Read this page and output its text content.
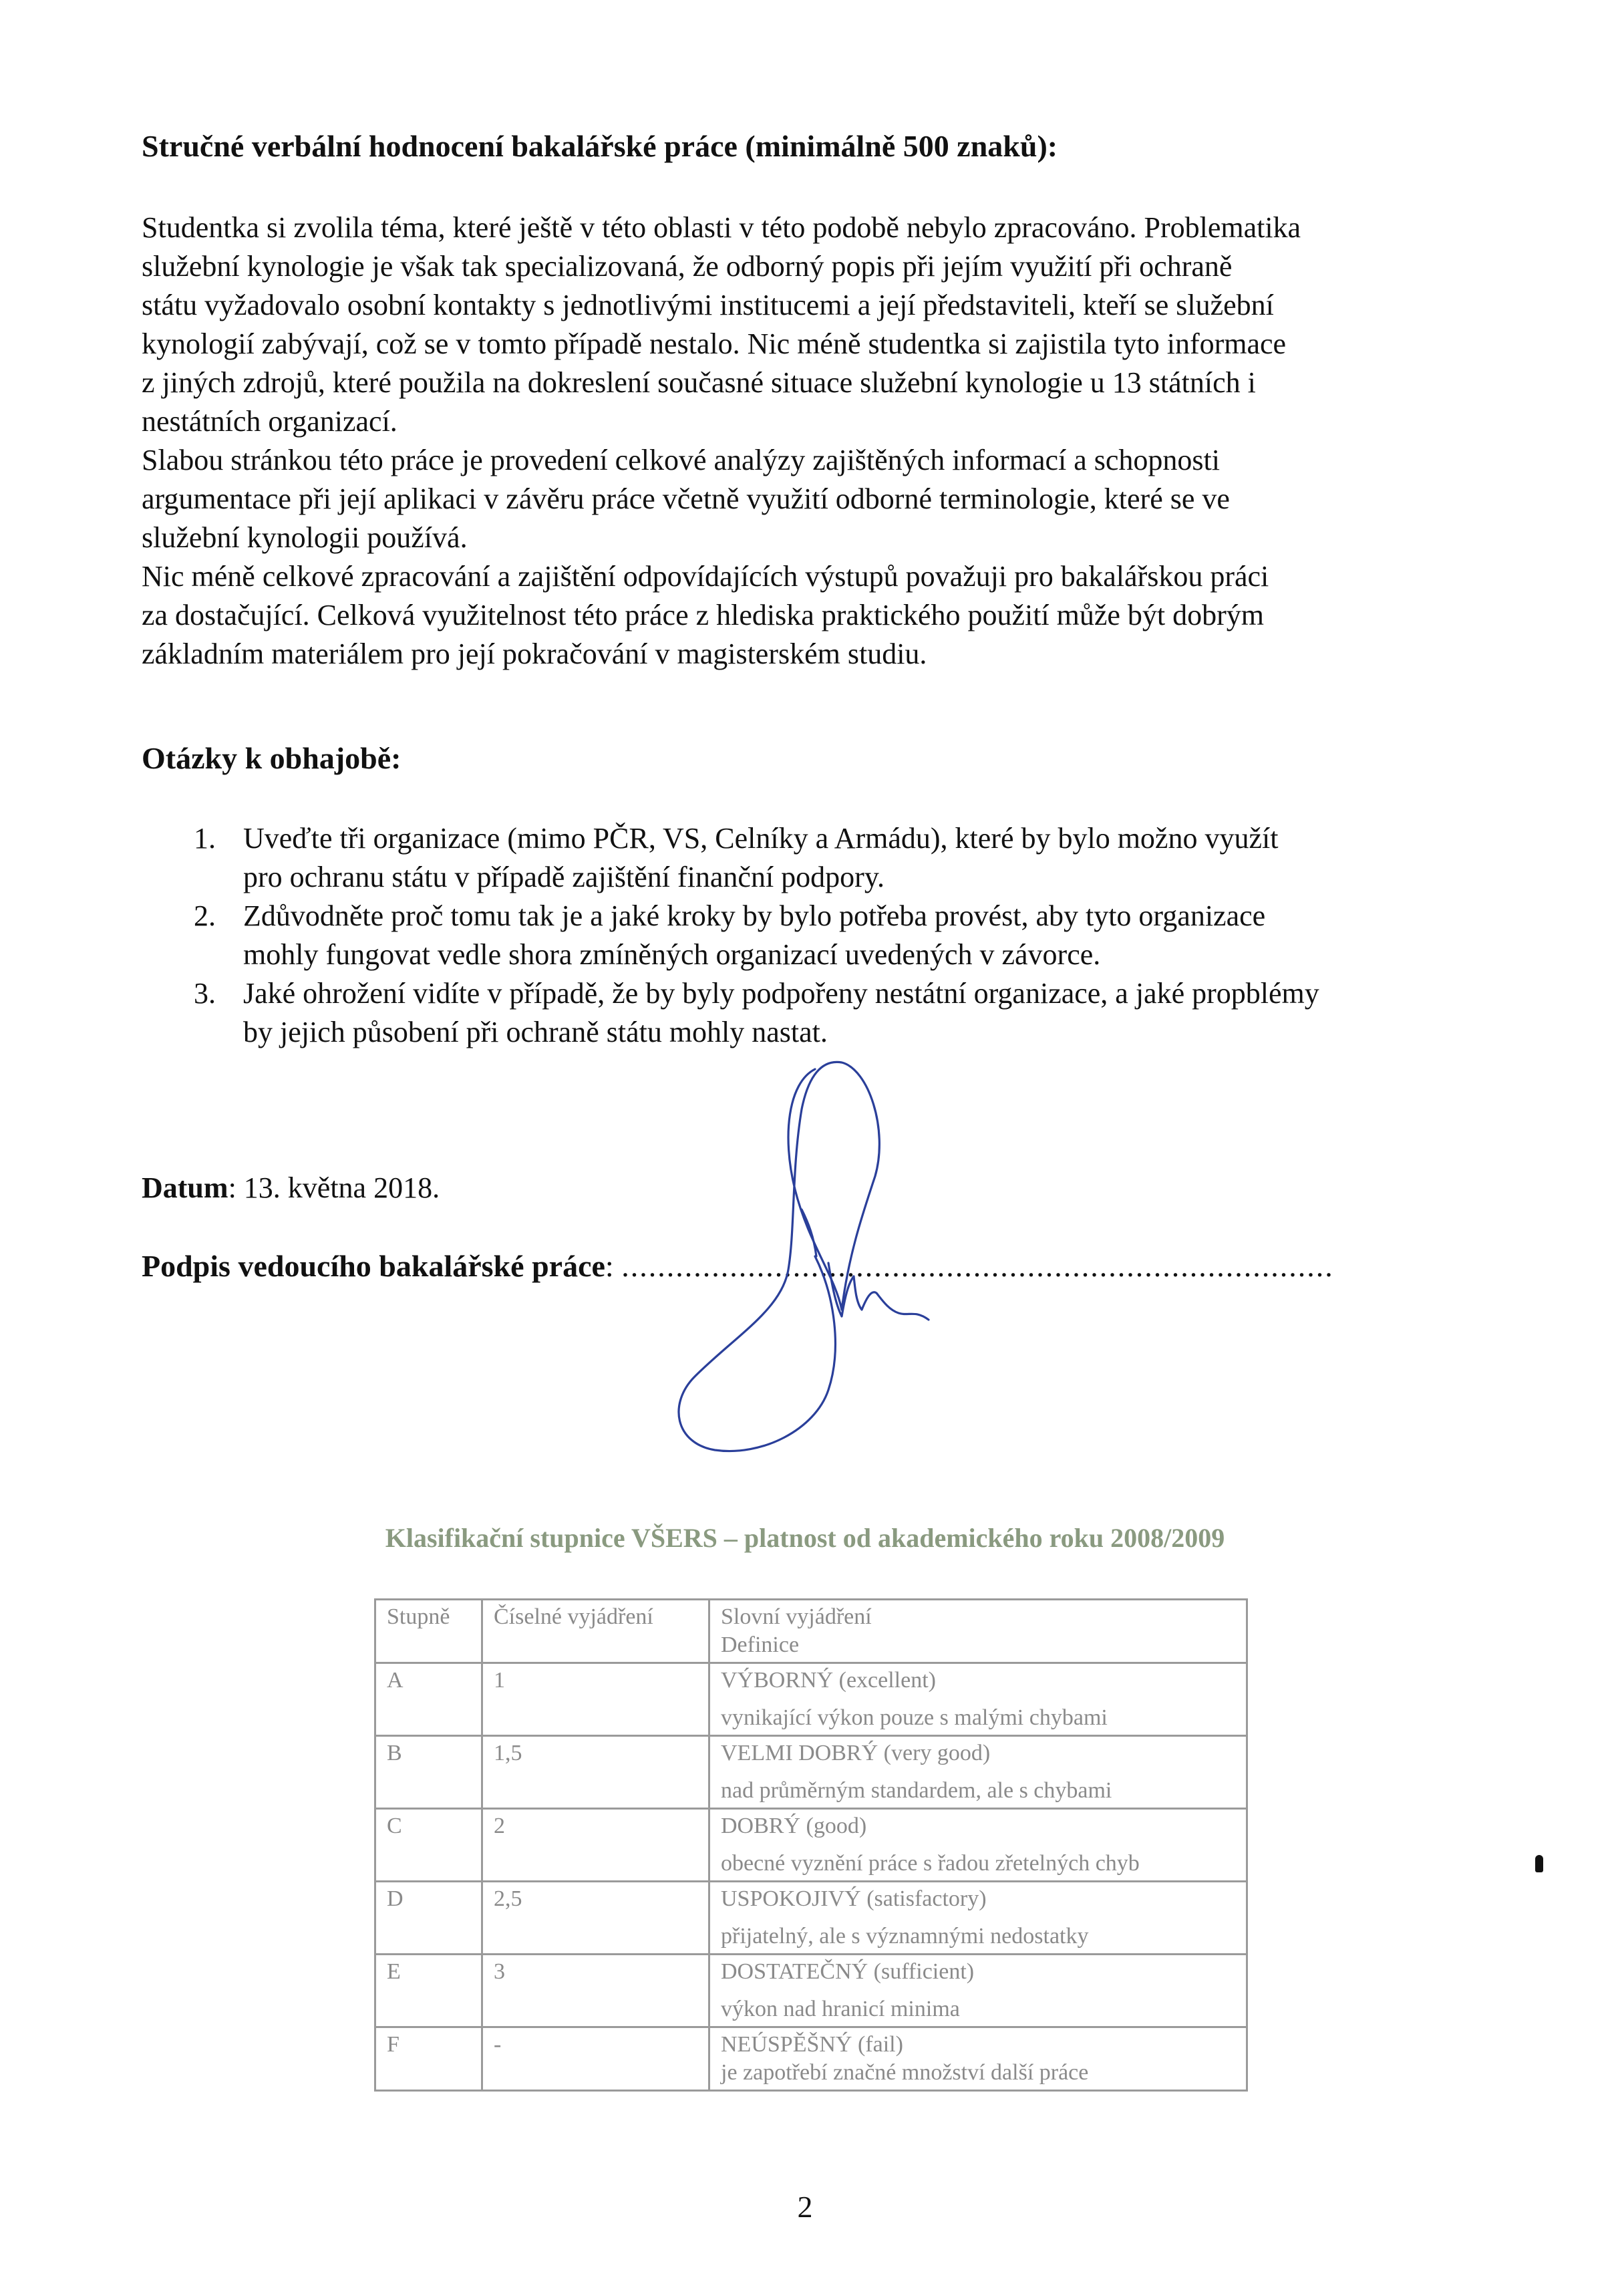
Stručné verbální hodnocení bakalářské práce (minimálně 500 znaků):
Studentka si zvolila téma, které ještě v této oblasti v této podobě nebylo zpracováno. Problematika
služební kynologie je však tak specializovaná, že odborný popis při jejím využití při ochraně
státu vyžadovalo osobní kontakty s jednotlivými institucemi a její představiteli, kteří se služební
kynologií zabývají, což se v tomto případě nestalo. Nic méně studentka si zajistila tyto informace
z jiných zdrojů, které použila na dokreslení současné situace služební kynologie u 13 státních i
nestátních organizací.
Slabou stránkou této práce je provedení celkové analýzy zajištěných informací a schopnosti
argumentace při její aplikaci v závěru práce včetně využití odborné terminologie, které se ve
služební kynologii používá.
Nic méně celkové zpracování a zajištění odpovídajících výstupů považuji pro bakalářskou práci
za dostačující. Celková využitelnost této práce z hlediska praktického použití může být dobrým
základním materiálem pro její pokračování v magisterském studiu.
Otázky k obhajobě:
1. Uveďte tři organizace (mimo PČR, VS, Celníky a Armádu), které by bylo možno využít
pro ochranu státu v případě zajištění finanční podpory.
2. Zdůvodněte proč tomu tak je a jaké kroky by bylo potřeba provést, aby tyto organizace
mohly fungovat vedle shora zmíněných organizací uvedených v závorce.
3. Jaké ohrožení vidíte v případě, že by byly podpořeny nestátní organizace, a jaké propblémy
by jejich působení při ochraně státu mohly nastat.
Datum: 13. května 2018.
Podpis vedoucího bakalářské práce: ...............................................................................
Klasifikační stupnice VŠERS – platnost od akademického roku 2008/2009
Stupně	Číselné vyjádření	Slovní vyjádření
Definice

A	1	VÝBORNÝ (excellent)
vynikající výkon pouze s malými chybami

B	1,5	VELMI DOBRÝ (very good)
nad průměrným standardem, ale s chybami

C	2	DOBRÝ (good)
obecné vyznění práce s řadou zřetelných chyb

D	2,5	USPOKOJIVÝ (satisfactory)
přijatelný, ale s významnými nedostatky

E	3	DOSTATEČNÝ (sufficient)
výkon nad hranicí minima

F	-	NEÚSPĚŠNÝ (fail)
je zapotřebí značné množství další práce
2
